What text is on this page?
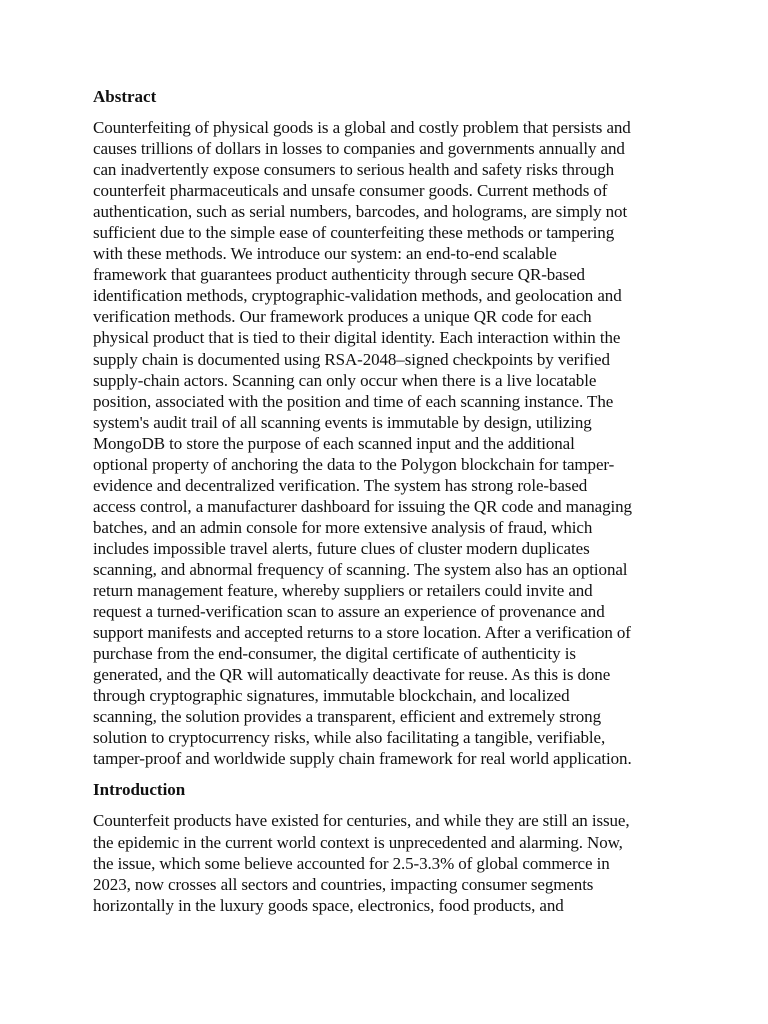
Abstract
Counterfeiting of physical goods is a global and costly problem that persists and
causes trillions of dollars in losses to companies and governments annually and
can inadvertently expose consumers to serious health and safety risks through
counterfeit pharmaceuticals and unsafe consumer goods. Current methods of
authentication, such as serial numbers, barcodes, and holograms, are simply not
sufficient due to the simple ease of counterfeiting these methods or tampering
with these methods. We introduce our system: an end-to-end scalable
framework that guarantees product authenticity through secure QR-based
identification methods, cryptographic-validation methods, and geolocation and
verification methods. Our framework produces a unique QR code for each
physical product that is tied to their digital identity. Each interaction within the
supply chain is documented using RSA-2048–signed checkpoints by verified
supply-chain actors. Scanning can only occur when there is a live locatable
position, associated with the position and time of each scanning instance. The
system's audit trail of all scanning events is immutable by design, utilizing
MongoDB to store the purpose of each scanned input and the additional
optional property of anchoring the data to the Polygon blockchain for tamper-
evidence and decentralized verification. The system has strong role-based
access control, a manufacturer dashboard for issuing the QR code and managing
batches, and an admin console for more extensive analysis of fraud, which
includes impossible travel alerts, future clues of cluster modern duplicates
scanning, and abnormal frequency of scanning. The system also has an optional
return management feature, whereby suppliers or retailers could invite and
request a turned-verification scan to assure an experience of provenance and
support manifests and accepted returns to a store location. After a verification of
purchase from the end-consumer, the digital certificate of authenticity is
generated, and the QR will automatically deactivate for reuse. As this is done
through cryptographic signatures, immutable blockchain, and localized
scanning, the solution provides a transparent, efficient and extremely strong
solution to cryptocurrency risks, while also facilitating a tangible, verifiable,
tamper-proof and worldwide supply chain framework for real world application.
Introduction
Counterfeit products have existed for centuries, and while they are still an issue,
the epidemic in the current world context is unprecedented and alarming. Now,
the issue, which some believe accounted for 2.5-3.3% of global commerce in
2023, now crosses all sectors and countries, impacting consumer segments
horizontally in the luxury goods space, electronics, food products, and
